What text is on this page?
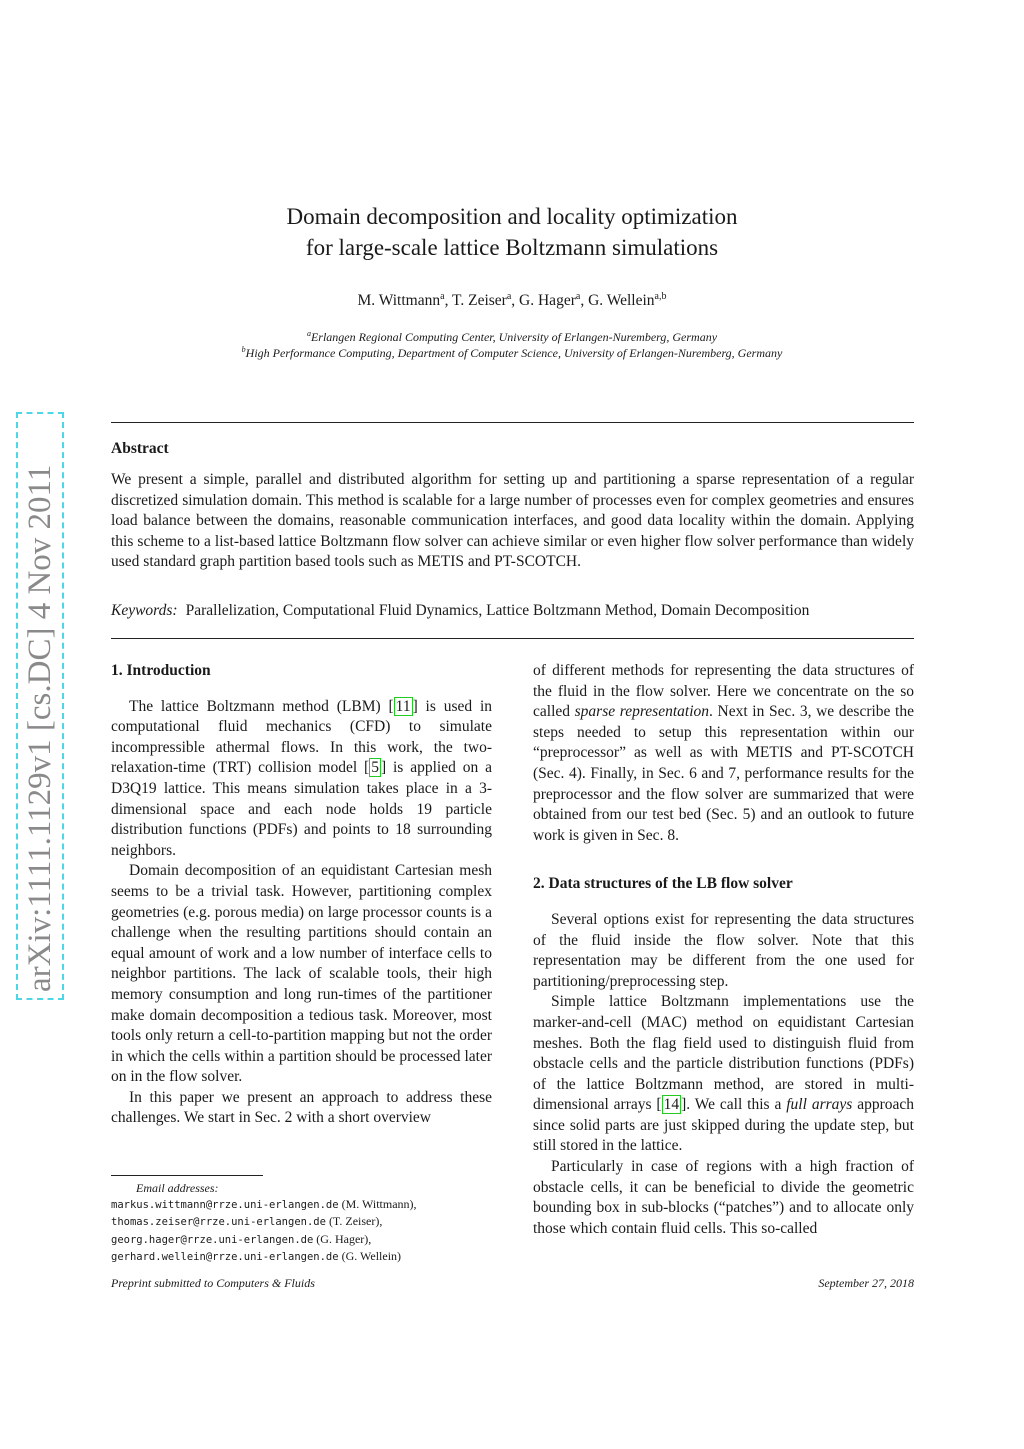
arXiv:1111.1129v1 [cs.DC] 4 Nov 2011
Domain decomposition and locality optimization
for large-scale lattice Boltzmann simulations
M. Wittmann$^a$, T. Zeiser$^a$, G. Hager$^a$, G. Wellein$^{a,b}$
$^a$Erlangen Regional Computing Center, University of Erlangen-Nuremberg, Germany
$^b$High Performance Computing, Department of Computer Science, University of Erlangen-Nuremberg, Germany
Abstract
We present a simple, parallel and distributed algorithm for setting up and partitioning a sparse representation of a regular discretized simulation domain. This method is scalable for a large number of processes even for complex geometries and ensures load balance between the domains, reasonable communication interfaces, and good data locality within the domain. Applying this scheme to a list-based lattice Boltzmann flow solver can achieve similar or even higher flow solver performance than widely used standard graph partition based tools such as METIS and PT-SCOTCH.
Keywords: Parallelization, Computational Fluid Dynamics, Lattice Boltzmann Method, Domain Decomposition
1. Introduction

The lattice Boltzmann method (LBM) [ 11 ] is used in computational fluid mechanics (CFD) to simulate incompressible athermal flows. In this work, the two-relaxation-time (TRT) collision model [ 5 ] is applied on a D3Q19 lattice. This means simulation takes place in a 3-dimensional space and each node holds 19 particle distribution functions (PDFs) and points to 18 surrounding neighbors.

Domain decomposition of an equidistant Cartesian mesh seems to be a trivial task. However, partitioning complex geometries (e.g. porous media) on large processor counts is a challenge when the resulting partitions should contain an equal amount of work and a low number of interface cells to neighbor partitions. The lack of scalable tools, their high memory consumption and long run-times of the partitioner make domain decomposition a tedious task. Moreover, most tools only return a cell-to-partition mapping but not the order in which the cells within a partition should be processed later on in the flow solver.

In this paper we present an approach to address these challenges. We start in Sec. 2 with a short overview

of different methods for representing the data structures of the fluid in the flow solver. Here we concentrate on the so called sparse representation. Next in Sec. 3, we describe the steps needed to setup this representation within our “preprocessor” as well as with METIS and PT-SCOTCH (Sec. 4). Finally, in Sec. 6 and 7, performance results for the preprocessor and the flow solver are summarized that were obtained from our test bed (Sec. 5) and an outlook to future work is given in Sec. 8.

2. Data structures of the LB flow solver

Several options exist for representing the data structures of the fluid inside the flow solver. Note that this representation may be different from the one used for partitioning/preprocessing step.

Simple lattice Boltzmann implementations use the marker-and-cell (MAC) method on equidistant Cartesian meshes. Both the flag field used to distinguish fluid from obstacle cells and the particle distribution functions (PDFs) of the lattice Boltzmann method, are stored in multi-dimensional arrays [ 14 ]. We call this a full arrays approach since solid parts are just skipped during the update step, but still stored in the lattice.

Particularly in case of regions with a high fraction of obstacle cells, it can be beneficial to divide the geometric bounding box in sub-blocks (“patches”) and to allocate only those which contain fluid cells. This so-called

Email addresses:
markus.wittmann@rrze.uni-erlangen.de (M. Wittmann),
thomas.zeiser@rrze.uni-erlangen.de (T. Zeiser),
georg.hager@rrze.uni-erlangen.de (G. Hager),
gerhard.wellein@rrze.uni-erlangen.de (G. Wellein)
Preprint submitted to Computers & Fluids	September 27, 2018
